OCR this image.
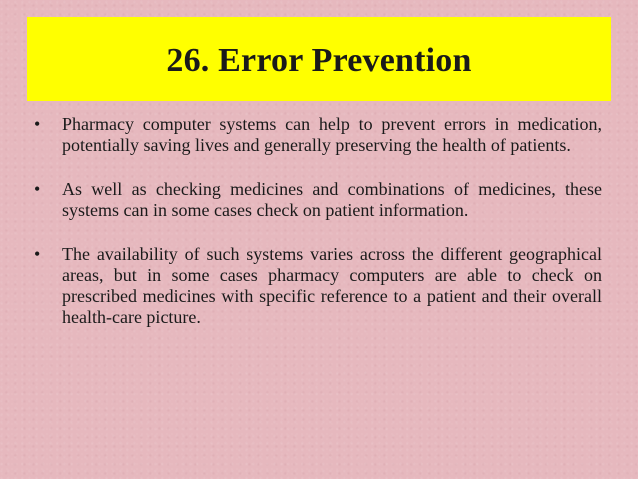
26. Error Prevention
• Pharmacy computer systems can help to prevent errors in medication, potentially saving lives and generally preserving the health of patients.
• As well as checking medicines and combinations of medicines, these systems can in some cases check on patient information.
• The availability of such systems varies across the different geographical areas, but in some cases pharmacy computers are able to check on prescribed medicines with specific reference to a patient and their overall health-care picture.
